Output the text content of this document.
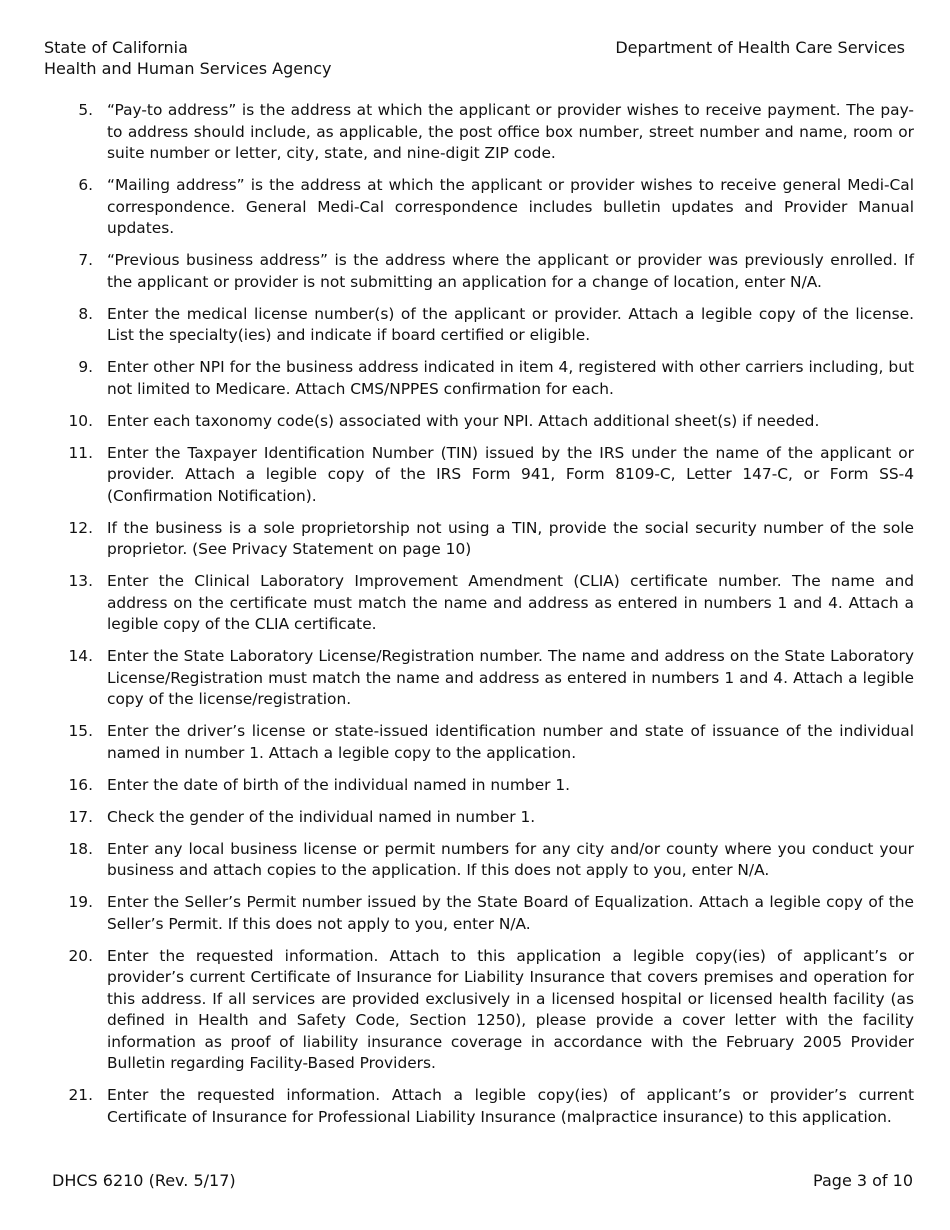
State of California
Health and Human Services Agency
Department of Health Care Services
5. “Pay-to address” is the address at which the applicant or provider wishes to receive payment. The pay-to address should include, as applicable, the post office box number, street number and name, room or suite number or letter, city, state, and nine-digit ZIP code.
6. “Mailing address” is the address at which the applicant or provider wishes to receive general Medi-Cal correspondence. General Medi-Cal correspondence includes bulletin updates and Provider Manual updates.
7. “Previous business address” is the address where the applicant or provider was previously enrolled. If the applicant or provider is not submitting an application for a change of location, enter N/A.
8. Enter the medical license number(s) of the applicant or provider. Attach a legible copy of the license. List the specialty(ies) and indicate if board certified or eligible.
9. Enter other NPI for the business address indicated in item 4, registered with other carriers including, but not limited to Medicare. Attach CMS/NPPES confirmation for each.
10. Enter each taxonomy code(s) associated with your NPI. Attach additional sheet(s) if needed.
11. Enter the Taxpayer Identification Number (TIN) issued by the IRS under the name of the applicant or provider. Attach a legible copy of the IRS Form 941, Form 8109-C, Letter 147-C, or Form SS-4 (Confirmation Notification).
12. If the business is a sole proprietorship not using a TIN, provide the social security number of the sole proprietor. (See Privacy Statement on page 10)
13. Enter the Clinical Laboratory Improvement Amendment (CLIA) certificate number. The name and address on the certificate must match the name and address as entered in numbers 1 and 4. Attach a legible copy of the CLIA certificate.
14. Enter the State Laboratory License/Registration number. The name and address on the State Laboratory License/Registration must match the name and address as entered in numbers 1 and 4. Attach a legible copy of the license/registration.
15. Enter the driver’s license or state-issued identification number and state of issuance of the individual named in number 1. Attach a legible copy to the application.
16. Enter the date of birth of the individual named in number 1.
17. Check the gender of the individual named in number 1.
18. Enter any local business license or permit numbers for any city and/or county where you conduct your business and attach copies to the application. If this does not apply to you, enter N/A.
19. Enter the Seller’s Permit number issued by the State Board of Equalization. Attach a legible copy of the Seller’s Permit. If this does not apply to you, enter N/A.
20. Enter the requested information. Attach to this application a legible copy(ies) of applicant’s or provider’s current Certificate of Insurance for Liability Insurance that covers premises and operation for this address. If all services are provided exclusively in a licensed hospital or licensed health facility (as defined in Health and Safety Code, Section 1250), please provide a cover letter with the facility information as proof of liability insurance coverage in accordance with the February 2005 Provider Bulletin regarding Facility-Based Providers.
21. Enter the requested information. Attach a legible copy(ies) of applicant’s or provider’s current Certificate of Insurance for Professional Liability Insurance (malpractice insurance) to this application.
DHCS 6210 (Rev. 5/17)	Page 3 of 10
